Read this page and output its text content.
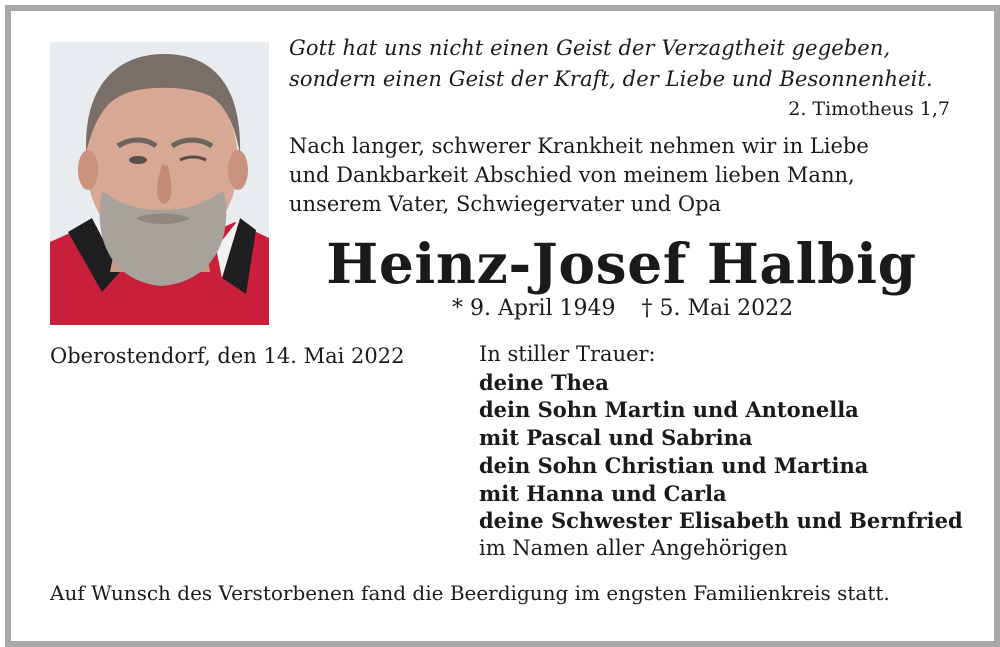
Gott hat uns nicht einen Geist der Verzagtheit gegeben,
sondern einen Geist der Kraft, der Liebe und Besonnenheit.
2. Timotheus 1,7
Nach langer, schwerer Krankheit nehmen wir in Liebe
und Dankbarkeit Abschied von meinem lieben Mann,
unserem Vater, Schwiegervater und Opa
Heinz-Josef Halbig
* 9. April 1949 † 5. Mai 2022
Oberostendorf, den 14. Mai 2022	In stiller Trauer:
deine Thea
dein Sohn Martin und Antonella
mit Pascal und Sabrina
dein Sohn Christian und Martina
mit Hanna und Carla
deine Schwester Elisabeth und Bernfried
im Namen aller Angehörigen
Auf Wunsch des Verstorbenen fand die Beerdigung im engsten Familienkreis statt.
